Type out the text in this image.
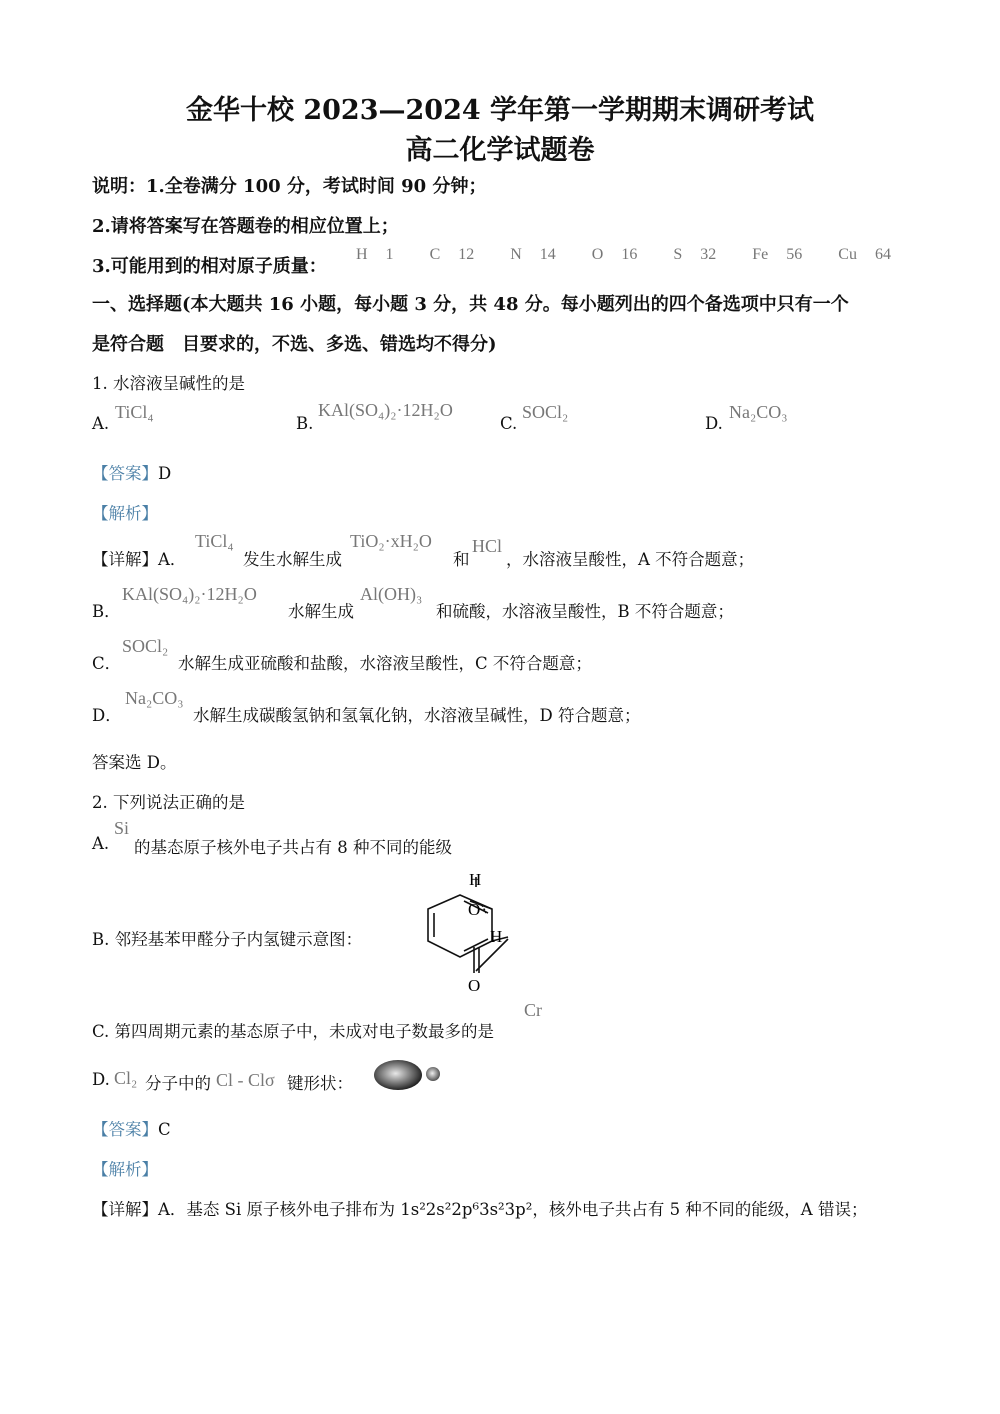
金华十校 2023—2024 学年第一学期期末调研考试
高二化学试题卷
说明：1.全卷满分 100 分，考试时间 90 分钟；
2.请将答案写在答题卷的相应位置上；
3.可能用到的相对原子质量：
H 1 C 12 N 14 O 16 S 32 Fe 56 Cu 64
一、选择题(本大题共 16 小题，每小题 3 分，共 48 分。每小题列出的四个备选项中只有一个
是符合题　目要求的，不选、多选、错选均不得分)
1. 水溶液呈碱性的是
A.
TiCl₄
B.
KAl(SO₄)₂·12H₂O
C.
SOCl₂
D.
Na₂CO₃
【答案】D
【解析】
【详解】A．
TiCl₄
发生水解生成
TiO₂·xH₂O
和
HCl
，水溶液呈酸性，A 不符合题意；
B．
KAl(SO₄)₂·12H₂O
水解生成
Al(OH)₃
和硫酸，水溶液呈酸性，B 不符合题意；
C．
SOCl₂
水解生成亚硫酸和盐酸，水溶液呈酸性，C 不符合题意；
D．
Na₂CO₃
水解生成碳酸氢钠和氢氧化钠，水溶液呈碱性，D 符合题意；
答案选 D。
2. 下列说法正确的是
A.
Si
的基态原子核外电子共占有 8 种不同的能级
B. 邻羟基苯甲醛分子内氢键示意图：
H
O
H
O
C. 第四周期元素的基态原子中，未成对电子数最多的是
Cr
D. Cl₂ 分子中的 Cl - Clσ 键形状：
【答案】C
【解析】
【详解】A．基态 Si 原子核外电子排布为 1s²2s²2p⁶3s²3p²，核外电子共占有 5 种不同的能级，A 错误；
